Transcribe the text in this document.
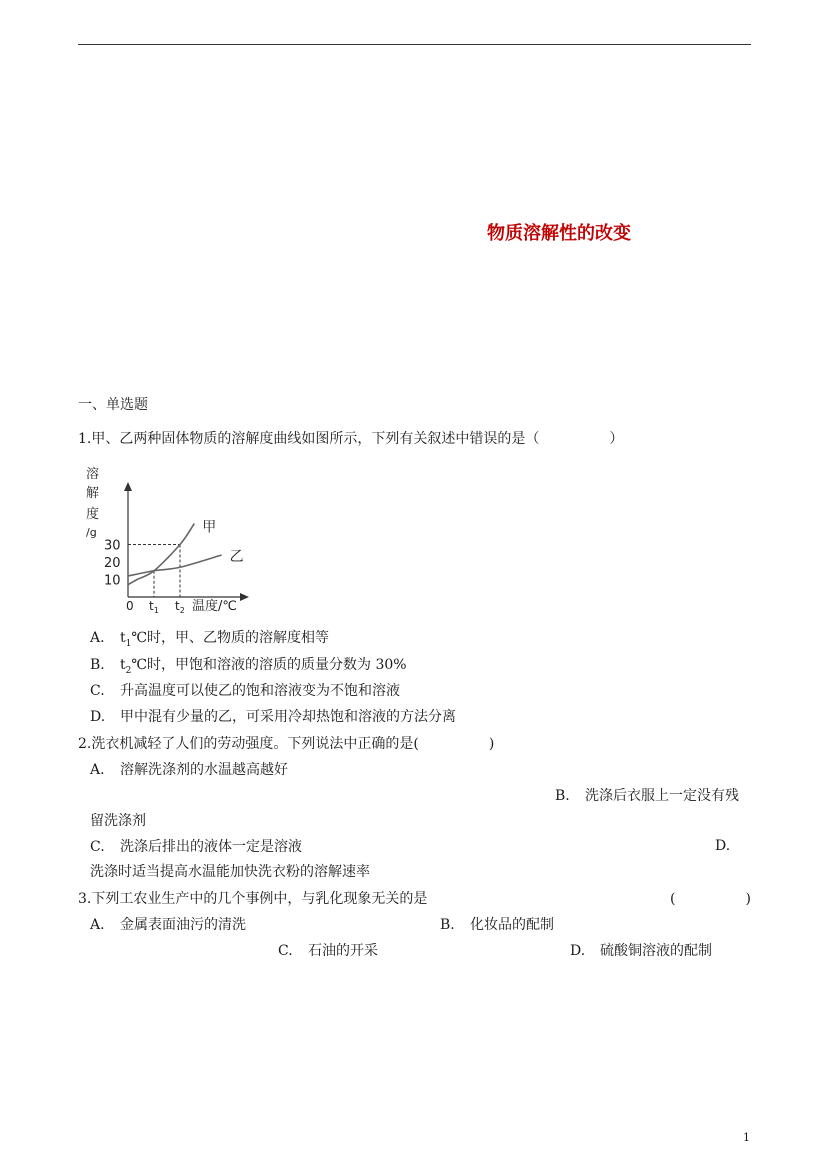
物质溶解性的改变
一、单选题
1.甲、乙两种固体物质的溶解度曲线如图所示，下列有关叙述中错误的是（　　　　　）
溶
解
度
/g
10
20
30
0 $t_1$ $t_2$ 温度/℃
甲
乙
A. $t_1℃$时，甲、乙物质的溶解度相等
B. $t_2℃$时，甲饱和溶液的溶质的质量分数为 30%
C. 升高温度可以使乙的饱和溶液变为不饱和溶液
D. 甲中混有少量的乙，可采用冷却热饱和溶液的方法分离
2.洗衣机减轻了人们的劳动强度。下列说法中正确的是(　　　　　)
A. 溶解洗涤剂的水温越高越好
B. 洗涤后衣服上一定没有残
留洗涤剂
C. 洗涤后排出的液体一定是溶液	D.
洗涤时适当提高水温能加快洗衣粉的溶解速率
3.下列工农业生产中的几个事例中，与乳化现象无关的是	(　　　　　)
A. 金属表面油污的清洗	B. 化妆品的配制
C. 石油的开采	D. 硫酸铜溶液的配制
1
